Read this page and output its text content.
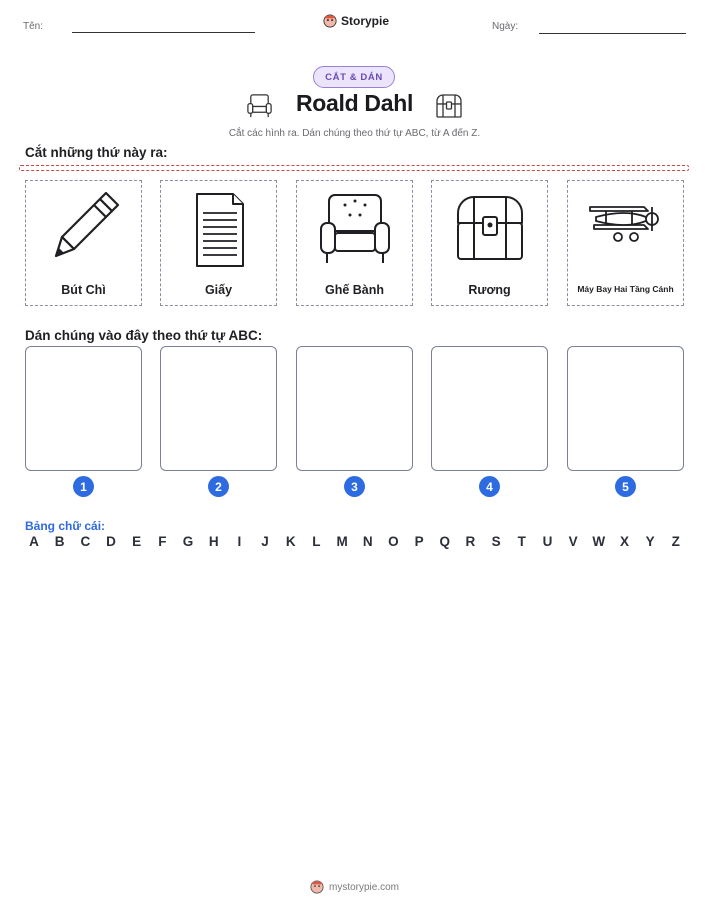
Tên:	Storypie	Ngày:
CẮT & DÁN
Roald Dahl
Cắt các hình ra. Dán chúng theo thứ tự ABC, từ A đến Z.
Cắt những thứ này ra:
Bút Chì	Giấy	Ghế Bành	Rương	Máy Bay Hai Tầng Cánh
Dán chúng vào đây theo thứ tự ABC:
1	2	3	4	5
Bảng chữ cái:
A	B	C	D	E	F	G	H	I	J	K	L	M	N	O	P	Q	R	S	T	U	V	W	X	Y	Z
mystorypie.com
